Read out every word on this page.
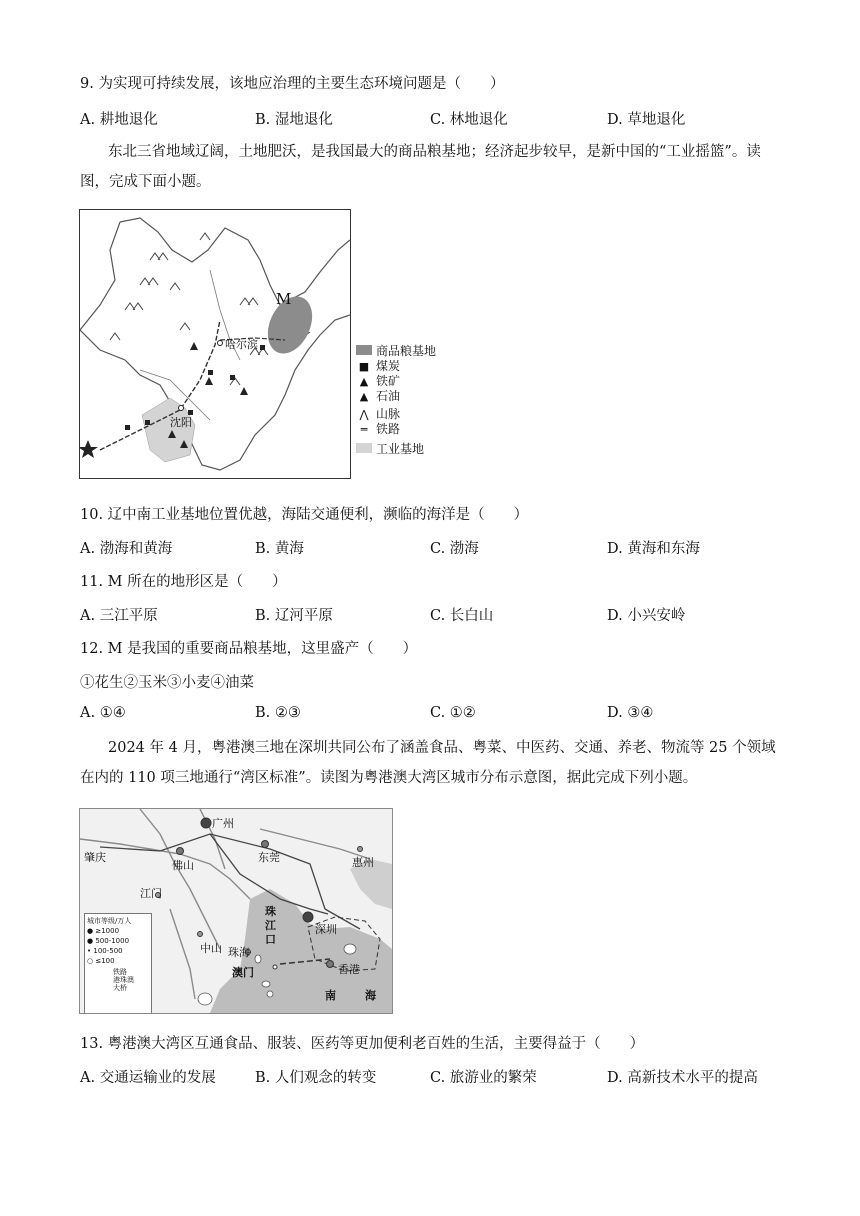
9. 为实现可持续发展，该地应治理的主要生态环境问题是（　　）
A. 耕地退化	B. 湿地退化	C. 林地退化	D. 草地退化
东北三省地域辽阔，土地肥沃，是我国最大的商品粮基地；经济起步较早，是新中国的“工业摇篮”。读图，完成下面小题。
M
哈尔滨
沈阳
商品粮基地
■ 煤炭
▲ 铁矿
▲ 石油
⋀ 山脉
═ 铁路
工业基地
10. 辽中南工业基地位置优越，海陆交通便利，濒临的海洋是（　　）
A. 渤海和黄海	B. 黄海	C. 渤海	D. 黄海和东海
11. M 所在的地形区是（　　）
A. 三江平原	B. 辽河平原	C. 长白山	D. 小兴安岭
12. M 是我国的重要商品粮基地，这里盛产（　　）
①花生②玉米③小麦④油菜
A. ①④	B. ②③	C. ①②	D. ③④
2024 年 4 月，粤港澳三地在深圳共同公布了涵盖食品、粤菜、中医药、交通、养老、物流等 25 个领域在内的 110 项三地通行“湾区标准”。读图为粤港澳大湾区城市分布示意图，据此完成下列小题。
广州
肇庆
佛山
东莞	惠州
江门
中山
深圳
珠海
澳门	香港
珠
江
口
南	海
城市等级/万人
● ≥1000
● 500-1000
• 100-500
○ ≤100
铁路
港珠澳
大桥
13. 粤港澳大湾区互通食品、服装、医药等更加便利老百姓的生活，主要得益于（　　）
A. 交通运输业的发展	B. 人们观念的转变	C. 旅游业的繁荣	D. 高新技术水平的提高
